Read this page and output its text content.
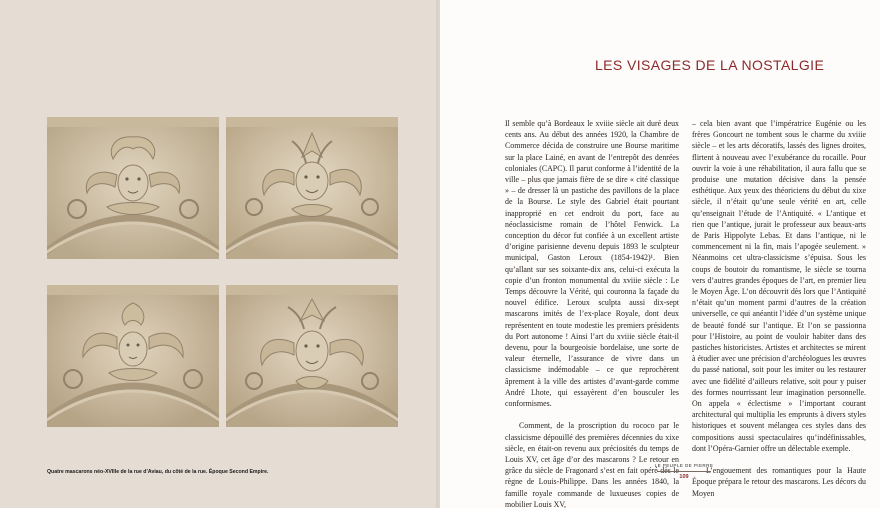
Quatre mascarons néo-XVIIIe de la rue d’Aviau, du côté de la rue. Époque Second Empire.
LES VISAGES DE LA NOSTALGIE

Il semble qu’à Bordeaux le xviiie siècle ait duré deux cents ans. Au début des années 1920, la Chambre de Commerce décida de construire une Bourse maritime sur la place Lainé, en avant de l’entrepôt des denrées coloniales (CAPC). Il parut conforme à l’identité de la ville – plus que jamais fière de se dire « cité classique » – de dresser là un pastiche des pavillons de la place de la Bourse. Le style des Gabriel était pourtant inapproprié en cet endroit du port, face au néoclassicisme romain de l’hôtel Fenwick. La conception du décor fut confiée à un excellent artiste d’origine parisienne devenu depuis 1893 le sculpteur municipal, Gaston Leroux (1854-1942)¹. Bien qu’allant sur ses soixante-dix ans, celui-ci exécuta la copie d’un fronton monumental du xviiie siècle : Le Temps découvre la Vérité, qui couronna la façade du nouvel édifice. Leroux sculpta aussi dix-sept mascarons imités de l’ex-place Royale, dont deux représentent en toute modestie les premiers présidents du Port autonome ! Ainsi l’art du xviiie siècle était-il devenu, pour la bourgeoisie bordelaise, une sorte de valeur éternelle, l’assurance de vivre dans un classicisme indémodable – ce que reprochèrent âprement à la ville des artistes d’avant-garde comme André Lhote, qui essayèrent d’en bousculer les conformismes.

Comment, de la proscription du rococo par le classicisme dépouillé des premières décennies du xixe siècle, en était-on revenu aux préciosités du temps de Louis XV, cet âge d’or des mascarons ? Le retour en grâce du siècle de Fragonard s’est en fait opéré dès le règne de Louis-Philippe. Dans les années 1840, la famille royale commande de luxueuses copies de mobilier Louis XV,

– cela bien avant que l’impératrice Eugénie ou les frères Goncourt ne tombent sous le charme du xviiie siècle – et les arts décoratifs, lassés des lignes droites, flirtent à nouveau avec l’exubérance du rocaille. Pour ouvrir la voie à une réhabilitation, il aura fallu que se produise une mutation décisive dans la pensée esthétique. Aux yeux des théoriciens du début du xixe siècle, il n’était qu’une seule vérité en art, celle qu’enseignait l’étude de l’Antiquité. « L’antique et rien que l’antique, jurait le professeur aux beaux-arts de Paris Hippolyte Lebas. Et dans l’antique, ni le commencement ni la fin, mais l’apogée seulement. » Néanmoins cet ultra-classicisme s’épuisa. Sous les coups de boutoir du romantisme, le siècle se tourna vers d’autres grandes époques de l’art, en premier lieu le Moyen Âge. L’on découvrit dès lors que l’Antiquité n’était qu’un moment parmi d’autres de la création universelle, ce qui anéantit l’idée d’un système unique de beauté fondé sur l’antique. Et l’on se passionna pour l’Histoire, au point de vouloir habiter dans des pastiches historicistes. Artistes et architectes se mirent à étudier avec une précision d’archéologues les œuvres du passé national, soit pour les imiter ou les restaurer avec une fidélité d’ailleurs relative, soit pour y puiser des formes nourrissant leur imagination personnelle. On appela « éclectisme » l’important courant architectural qui multiplia les emprunts à divers styles historiques et souvent mélangea ces styles dans des compositions aussi spectaculaires qu’indéfinissables, dont l’Opéra-Garnier offre un délectable exemple.

L’engouement des romantiques pour la Haute Époque prépara le retour des mascarons. Les décors du Moyen

LE PEUPLE DE PIERRE
109
